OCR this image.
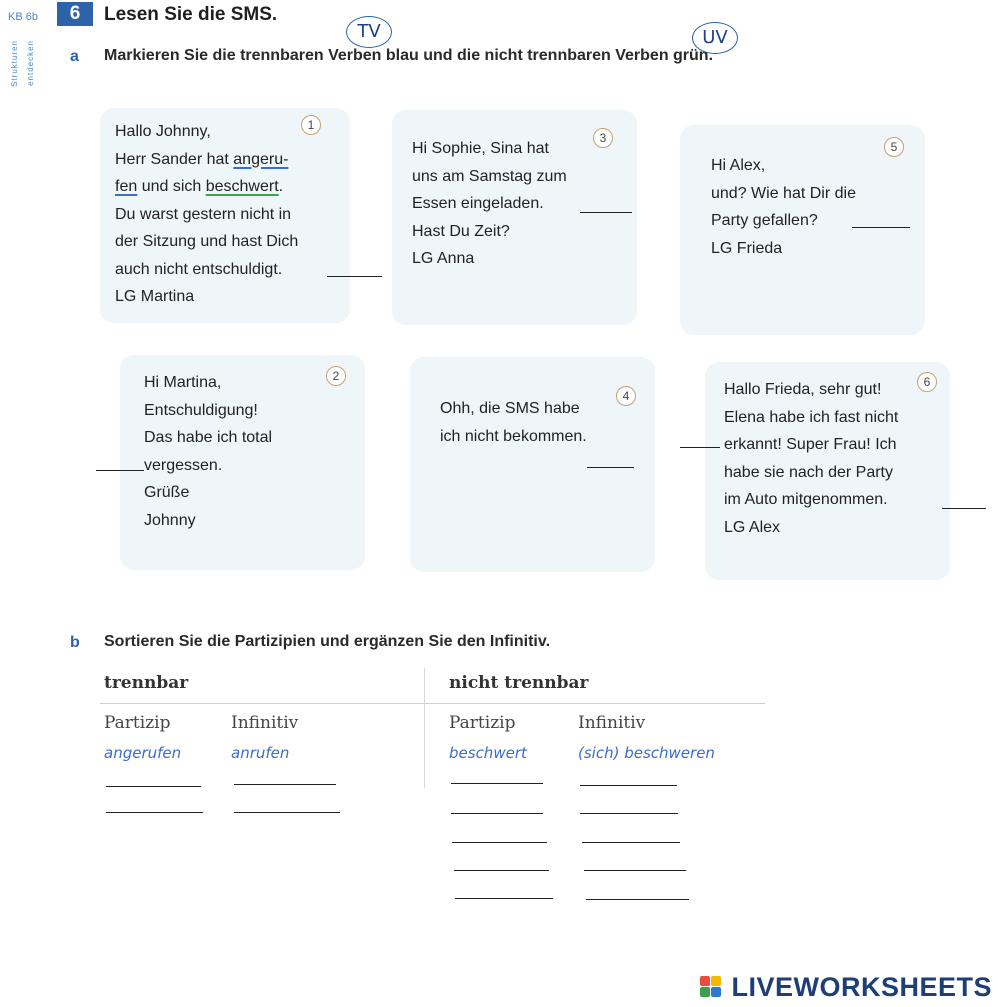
KB 6b
Strukturen entdecken
6	Lesen Sie die SMS.
a Markieren Sie die trennbaren Verben blau und die nicht trennbaren Verben grün.
TV	UV
1
Hallo Johnny,
Herr Sander hat angeru-
fen und sich beschwert.
Du warst gestern nicht in
der Sitzung und hast Dich
auch nicht entschuldigt.
LG Martina
3
Hi Sophie, Sina hat
uns am Samstag zum
Essen eingeladen.
Hast Du Zeit?
LG Anna
5
Hi Alex,
und? Wie hat Dir die
Party gefallen?
LG Frieda
2
Hi Martina,
Entschuldigung!
Das habe ich total
vergessen.
Grüße
Johnny
4
Ohh, die SMS habe
ich nicht bekommen.
6
Hallo Frieda, sehr gut!
Elena habe ich fast nicht
erkannt! Super Frau! Ich
habe sie nach der Party
im Auto mitgenommen.
LG Alex
b Sortieren Sie die Partizipien und ergänzen Sie den Infinitiv.
trennbar	nicht trennbar
Partizip	Infinitiv	Partizip	Infinitiv
angerufen	anrufen	beschwert	(sich) beschweren
LIVEWORKSHEETS
